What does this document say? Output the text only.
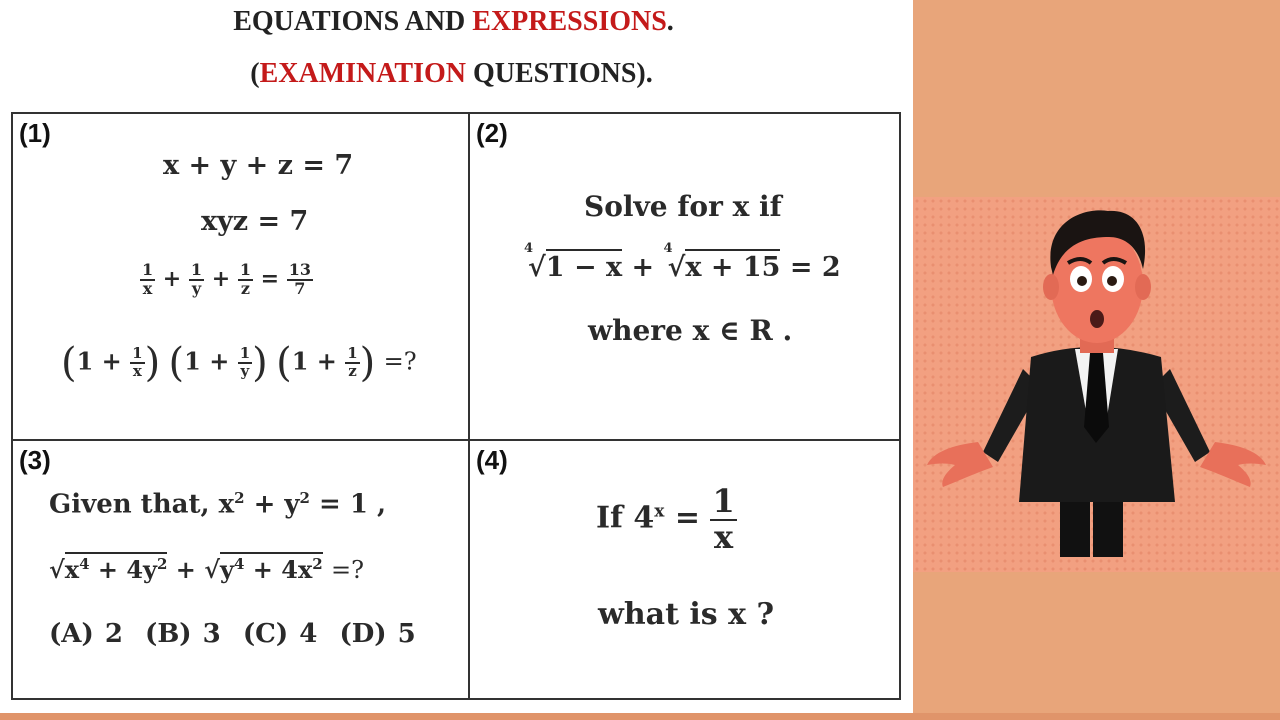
EQUATIONS AND EXPRESSIONS.
(EXAMINATION QUESTIONS).
(1)
x + y + z = 7
xyz = 7
$\frac{1}{x} + \frac{1}{y} + \frac{1}{z} = \frac{13}{7}$
($1 + \frac{1}{x}$ ) ($1 + \frac{1}{y}$ ) ($1 + \frac{1}{z}$ ) =?
(2)
Solve for x if
$^4$√1 − x + $^4$√x + 15 = 2
where x ∈ R .
(3)
Given that, $x^2 + y^2 = 1$ ,
$√x^4 + 4y^2 + √y^4 + 4x^2$ =?
(A) 2 (B) 3 (C) 4 (D) 5
(4)
If $4^x = \frac{1}{x}$
what is x ?
